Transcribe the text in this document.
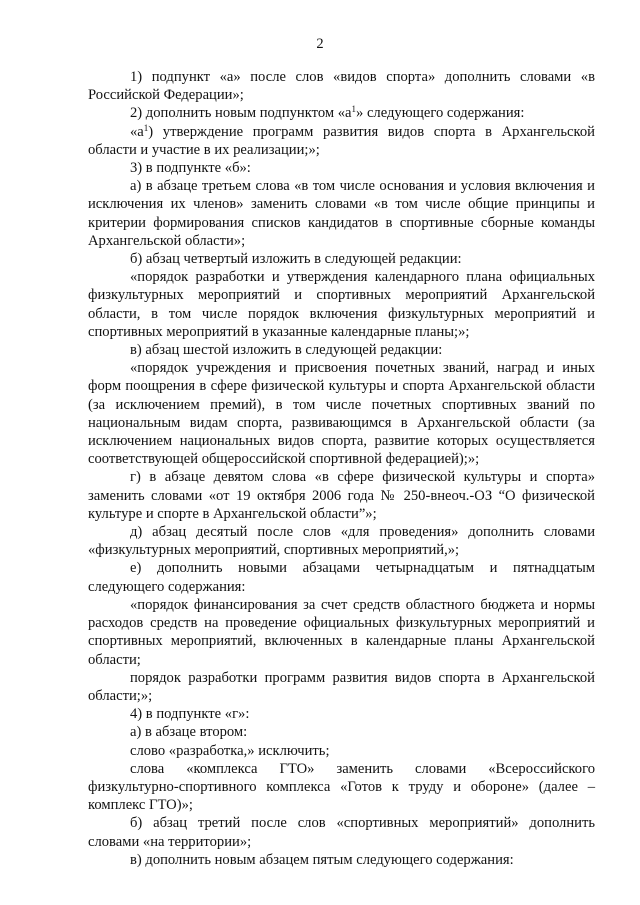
2

1) подпункт «а» после слов «видов спорта» дополнить словами «в Российской Федерации»;

2) дополнить новым подпунктом «$а^1$» следующего содержания:

«$а^1$) утверждение программ развития видов спорта в Архангельской области и участие в их реализации;»;

3) в подпункте «б»:

а) в абзаце третьем слова «в том числе основания и условия включения и исключения их членов» заменить словами «в том числе общие принципы и критерии формирования списков кандидатов в спортивные сборные команды Архангельской области»;

б) абзац четвертый изложить в следующей редакции:

«порядок разработки и утверждения календарного плана официальных физкультурных мероприятий и спортивных мероприятий Архангельской области, в том числе порядок включения физкультурных мероприятий и спортивных мероприятий в указанные календарные планы;»;

в) абзац шестой изложить в следующей редакции:

«порядок учреждения и присвоения почетных званий, наград и иных форм поощрения в сфере физической культуры и спорта Архангельской области (за исключением премий), в том числе почетных спортивных званий по национальным видам спорта, развивающимся в Архангельской области (за исключением национальных видов спорта, развитие которых осуществляется соответствующей общероссийской спортивной федерацией);»;

г) в абзаце девятом слова «в сфере физической культуры и спорта» заменить словами «от 19 октября 2006 года № 250-внеоч.-ОЗ “О физической культуре и спорте в Архангельской области”»;

д) абзац десятый после слов «для проведения» дополнить словами «физкультурных мероприятий, спортивных мероприятий,»;

е) дополнить новыми абзацами четырнадцатым и пятнадцатым следующего содержания:

«порядок финансирования за счет средств областного бюджета и нормы расходов средств на проведение официальных физкультурных мероприятий и спортивных мероприятий, включенных в календарные планы Архангельской области;

порядок разработки программ развития видов спорта в Архангельской области;»;

4) в подпункте «г»:

а) в абзаце втором:

слово «разработка,» исключить;

слова «комплекса ГТО» заменить словами «Всероссийского физкультурно-спортивного комплекса «Готов к труду и обороне» (далее – комплекс ГТО)»;

б) абзац третий после слов «спортивных мероприятий» дополнить словами «на территории»;

в) дополнить новым абзацем пятым следующего содержания:
